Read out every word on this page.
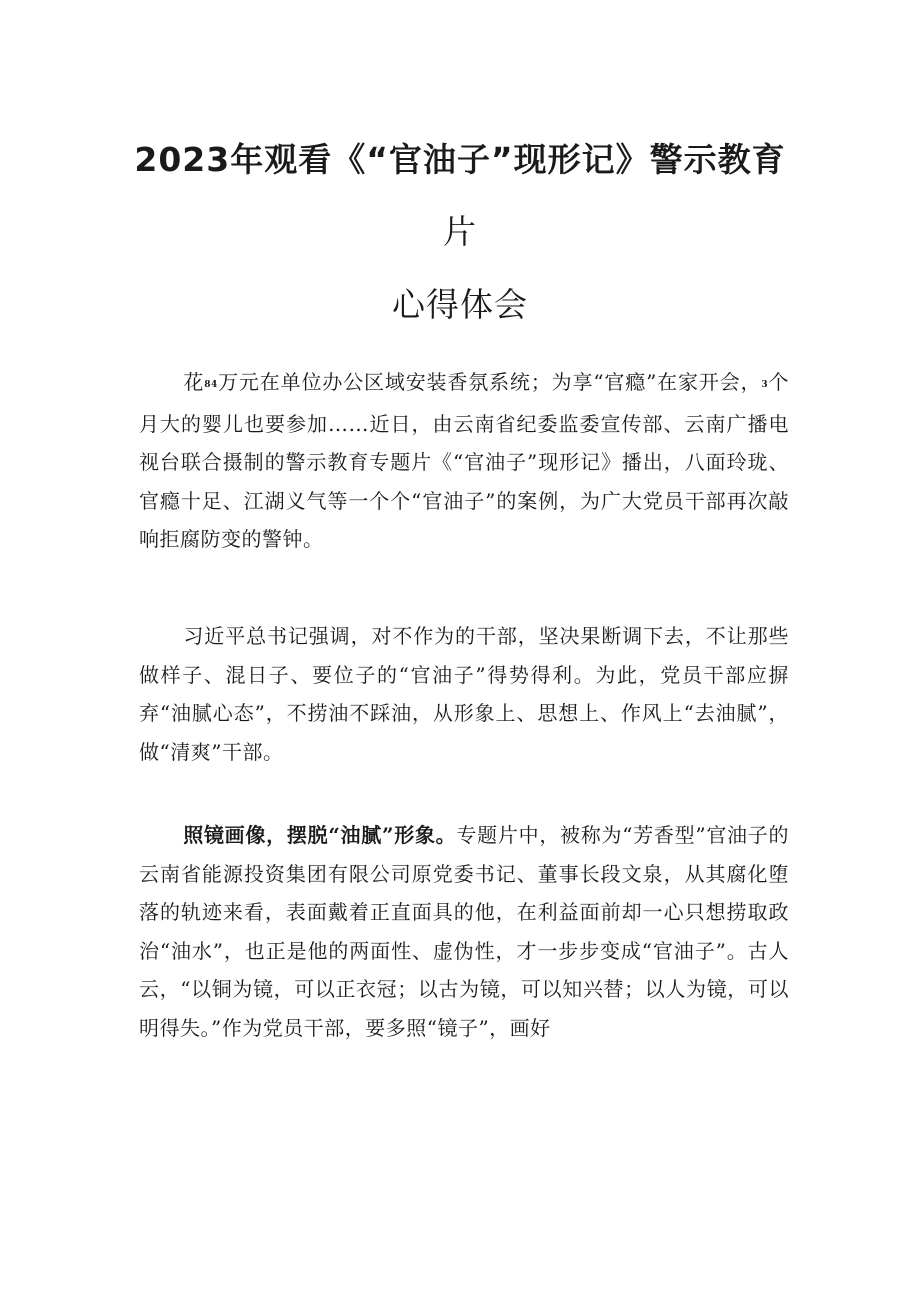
2023年观看《“官油子”现形记》警示教育
片
心得体会

花84万元在单位办公区域安装香氛系统；为享“官瘾”在家开会，3个月大的婴儿也要参加……近日，由云南省纪委监委宣传部、云南广播电视台联合摄制的警示教育专题片《“官油子”现形记》播出，八面玲珑、官瘾十足、江湖义气等一个个“官油子”的案例，为广大党员干部再次敲响拒腐防变的警钟。

习近平总书记强调，对不作为的干部，坚决果断调下去，不让那些做样子、混日子、要位子的“官油子”得势得利。为此，党员干部应摒弃“油腻心态”，不捞油不踩油，从形象上、思想上、作风上“去油腻”，做“清爽”干部。

照镜画像，摆脱“油腻”形象。专题片中，被称为“芳香型”官油子的云南省能源投资集团有限公司原党委书记、董事长段文泉，从其腐化堕落的轨迹来看，表面戴着正直面具的他，在利益面前却一心只想捞取政治“油水”，也正是他的两面性、虚伪性，才一步步变成“官油子”。古人云，“以铜为镜，可以正衣冠；以古为镜，可以知兴替；以人为镜，可以明得失。”作为党员干部，要多照“镜子”，画好
